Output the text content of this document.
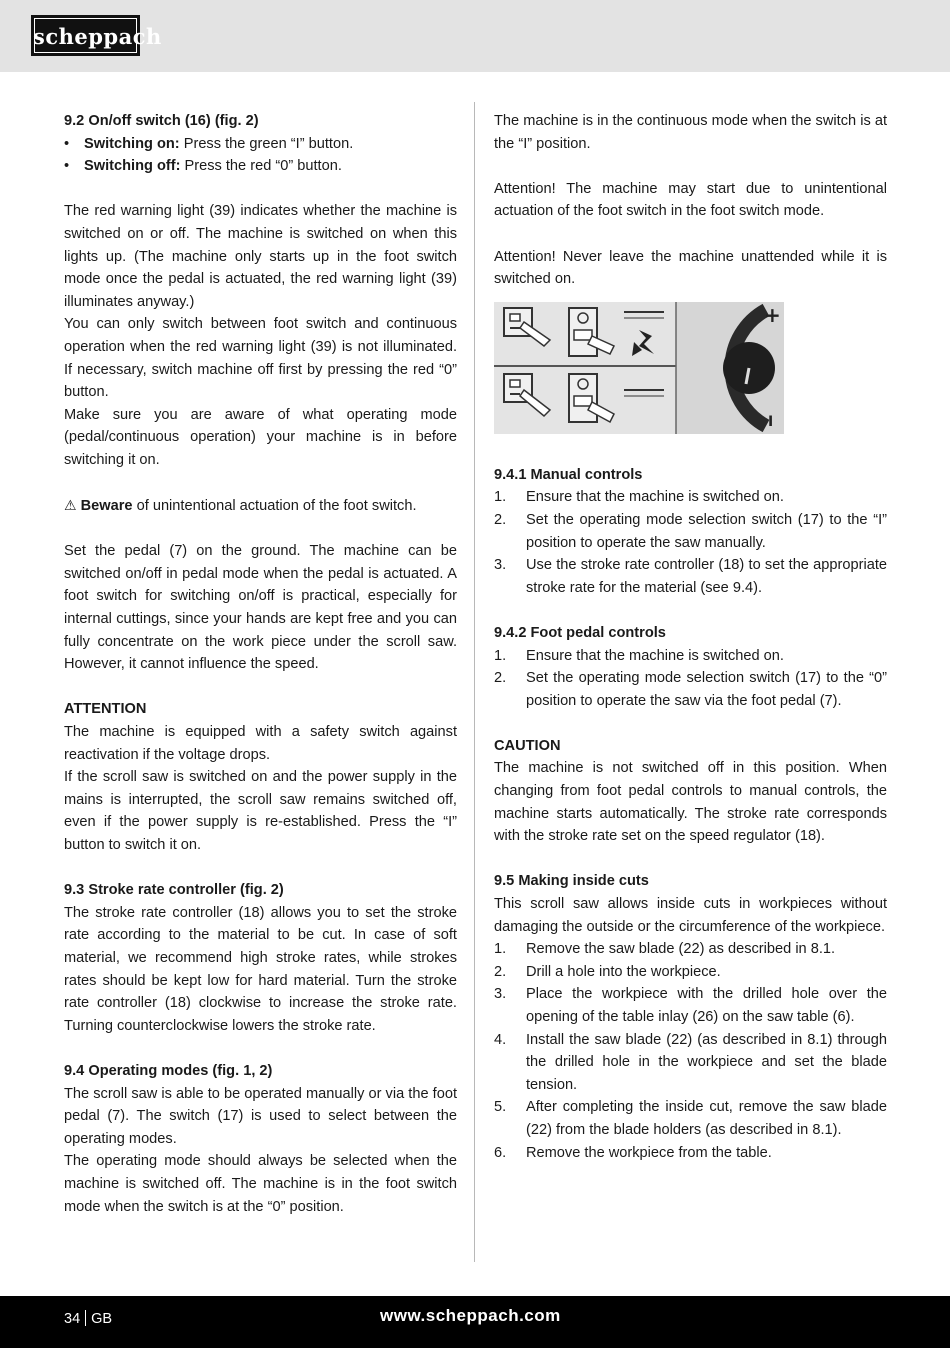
scheppach

9.2 On/off switch (16) (fig. 2)

• Switching on: Press the green “I” button.
• Switching off: Press the red “0” button.

The red warning light (39) indicates whether the machine is switched on or off. The machine is switched on when this lights up. (The machine only starts up in the foot switch mode once the pedal is actuated, the red warning light (39) illuminates anyway.)

You can only switch between foot switch and continuous operation when the red warning light (39) is not illuminated. If necessary, switch machine off first by pressing the red “0” button.

Make sure you are aware of what operating mode (pedal/continuous operation) your machine is in before switching it on.

⚠ Beware of unintentional actuation of the foot switch.

Set the pedal (7) on the ground. The machine can be switched on/off in pedal mode when the pedal is actuated. A foot switch for switching on/off is practical, especially for internal cuttings, since your hands are kept free and you can fully concentrate on the work piece under the scroll saw. However, it cannot influence the speed.

ATTENTION

The machine is equipped with a safety switch against reactivation if the voltage drops.

If the scroll saw is switched on and the power supply in the mains is interrupted, the scroll saw remains switched off, even if the power supply is re-established. Press the “I” button to switch it on.

9.3 Stroke rate controller (fig. 2)

The stroke rate controller (18) allows you to set the stroke rate according to the material to be cut. In case of soft material, we recommend high stroke rates, while strokes rates should be kept low for hard material. Turn the stroke rate controller (18) clockwise to increase the stroke rate. Turning counterclockwise lowers the stroke rate.

9.4 Operating modes (fig. 1, 2)

The scroll saw is able to be operated manually or via the foot pedal (7). The switch (17) is used to select between the operating modes.

The operating mode should always be selected when the machine is switched off. The machine is in the foot switch mode when the switch is at the “0” position.

The machine is in the continuous mode when the switch is at the “I” position.

Attention! The machine may start due to unintentional actuation of the foot switch in the foot switch mode.

Attention! Never leave the machine unattended while it is switched on.

+
I

9.4.1 Manual controls

1. Ensure that the machine is switched on.
2. Set the operating mode selection switch (17) to the “I” position to operate the saw manually.
3. Use the stroke rate controller (18) to set the appropriate stroke rate for the material (see 9.4).

9.4.2 Foot pedal controls

1. Ensure that the machine is switched on.
2. Set the operating mode selection switch (17) to the “0” position to operate the saw via the foot pedal (7).

CAUTION

The machine is not switched off in this position. When changing from foot pedal controls to manual controls, the machine starts automatically. The stroke rate corresponds with the stroke rate set on the speed regulator (18).

9.5 Making inside cuts

This scroll saw allows inside cuts in workpieces without damaging the outside or the circumference of the workpiece.

1. Remove the saw blade (22) as described in 8.1.
2. Drill a hole into the workpiece.
3. Place the workpiece with the drilled hole over the opening of the table inlay (26) on the saw table (6).
4. Install the saw blade (22) (as described in 8.1) through the drilled hole in the workpiece and set the blade tension.
5. After completing the inside cut, remove the saw blade (22) from the blade holders (as described in 8.1).
6. Remove the workpiece from the table.
34 GB	www.scheppach.com
